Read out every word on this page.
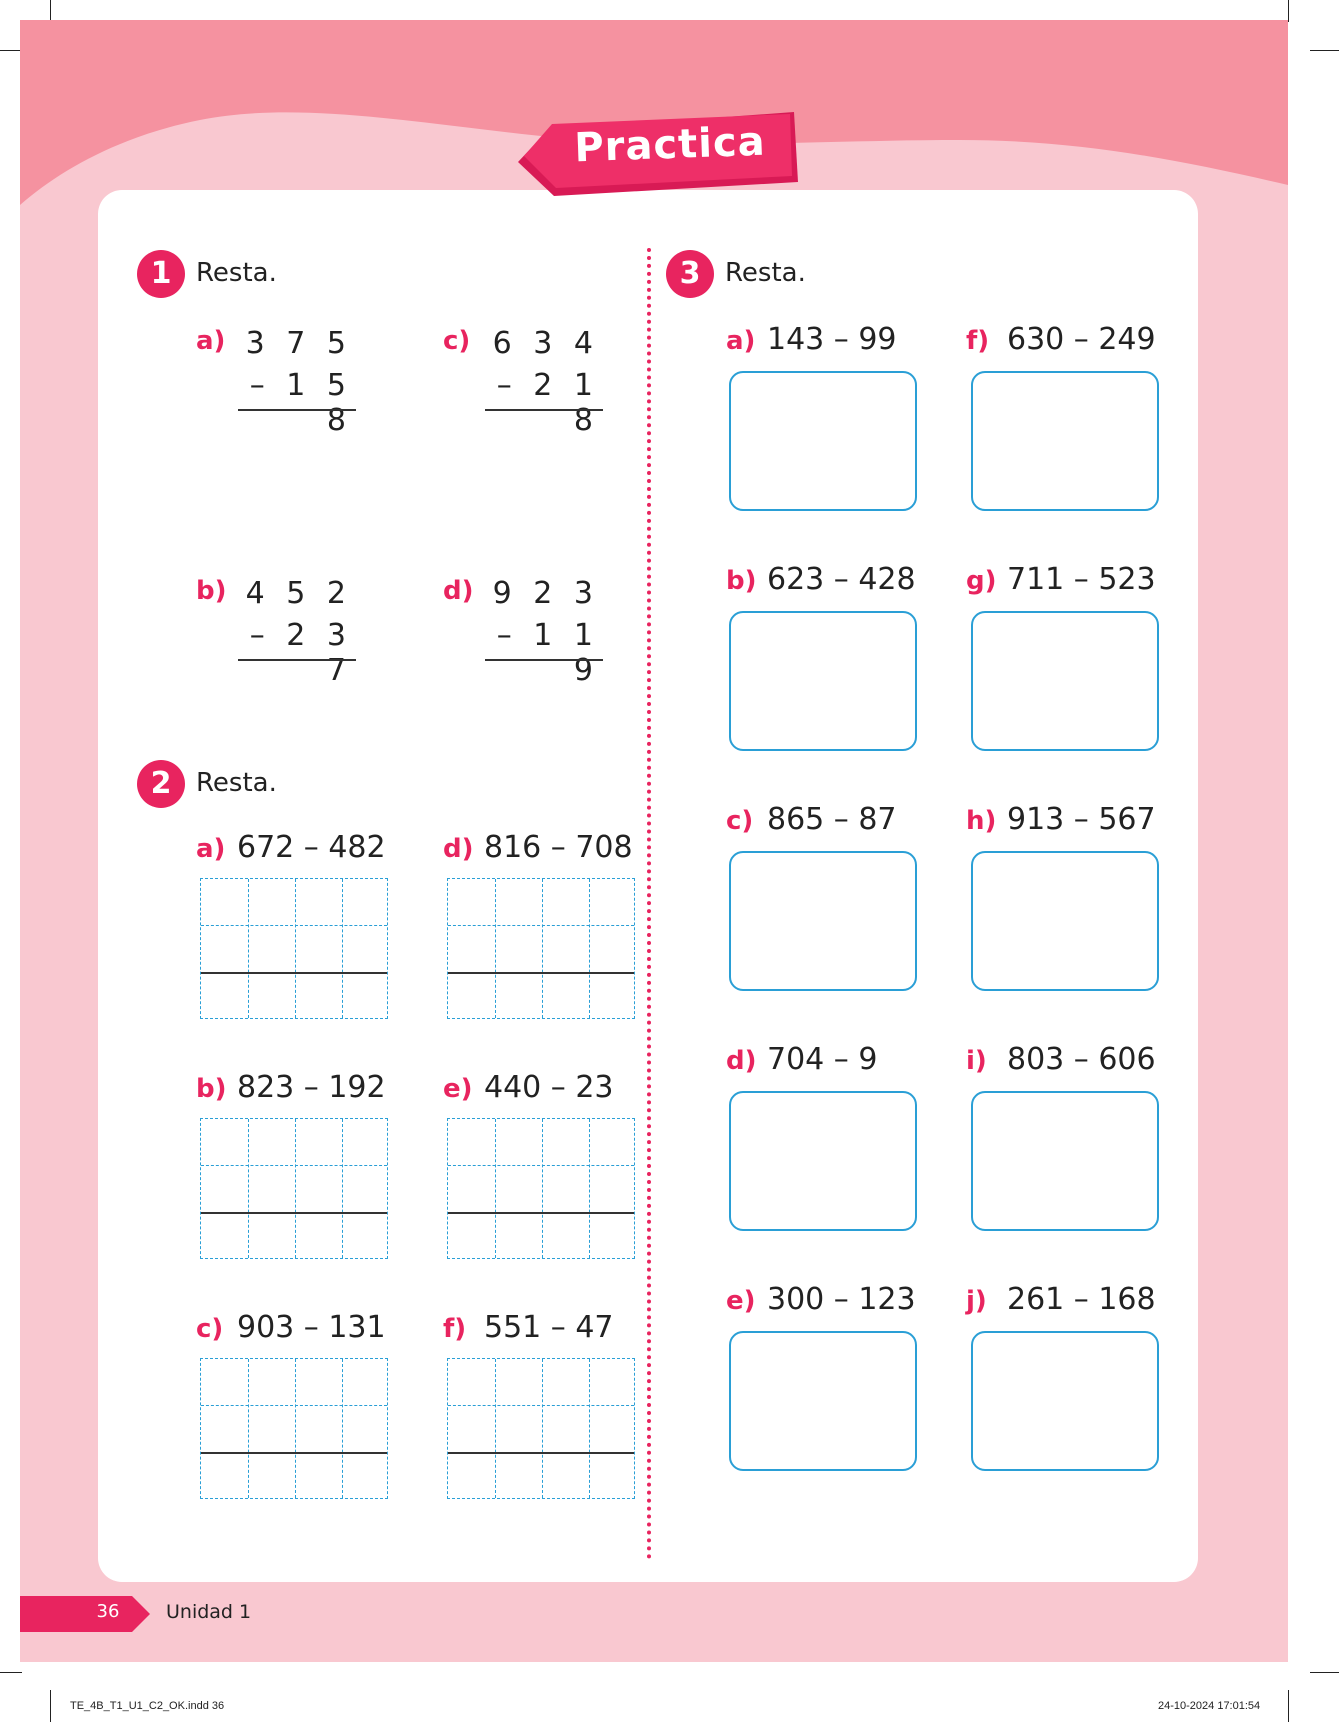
Practica
1 Resta.
a) 3 7 5
– 1 5 8
c) 6 3 4
– 2 1 8
b) 4 5 2
– 2 3 7
d) 9 2 3
– 1 1 9
2 Resta.
a) 672 – 482 d) 816 – 708
b) 823 – 192 e) 440 – 23
c) 903 – 131 f) 551 – 47
3 Resta.
a) 143 – 99	f) 630 – 249
b) 623 – 428 g) 711 – 523
c) 865 – 87	h) 913 – 567
d) 704 – 9	i) 803 – 606
e) 300 – 123 j) 261 – 168
36	Unidad 1
TE_4B_T1_U1_C2_OK.indd 36	24-10-2024 17:01:54
